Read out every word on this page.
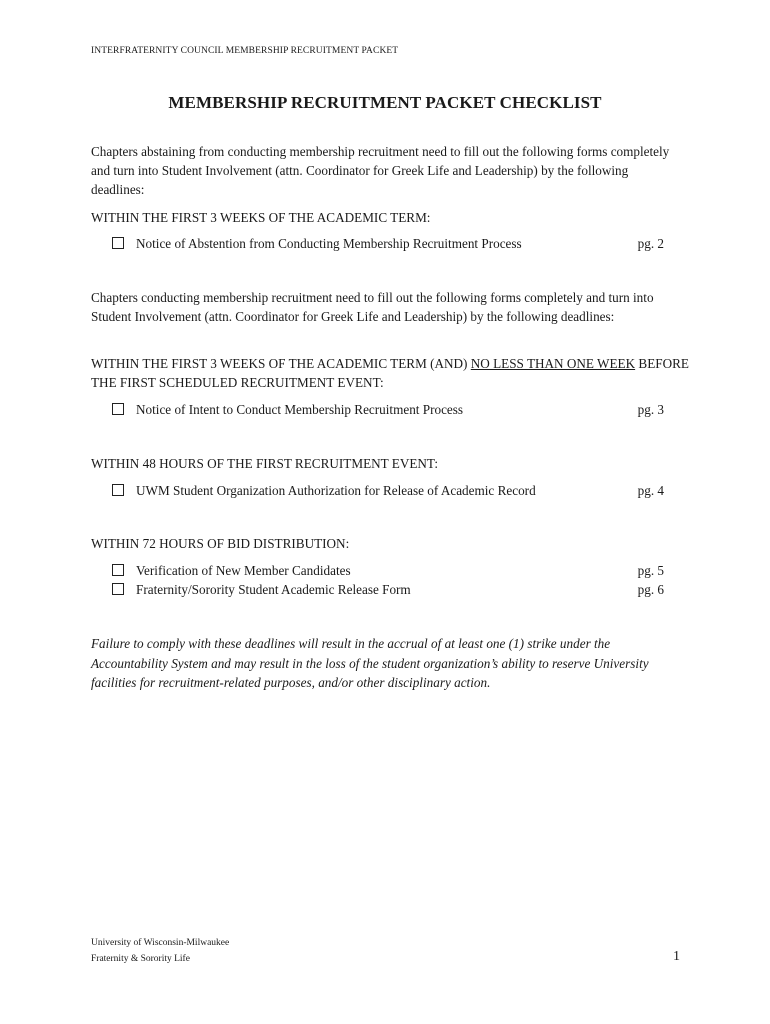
INTERFRATERNITY COUNCIL MEMBERSHIP RECRUITMENT PACKET
MEMBERSHIP RECRUITMENT PACKET CHECKLIST
Chapters abstaining from conducting membership recruitment need to fill out the following forms completely and turn into Student Involvement (attn. Coordinator for Greek Life and Leadership) by the following deadlines:
WITHIN THE FIRST 3 WEEKS OF THE ACADEMIC TERM:
Notice of Abstention from Conducting Membership Recruitment Process	pg. 2
Chapters conducting membership recruitment need to fill out the following forms completely and turn into Student Involvement (attn. Coordinator for Greek Life and Leadership) by the following deadlines:
WITHIN THE FIRST 3 WEEKS OF THE ACADEMIC TERM (AND) NO LESS THAN ONE WEEK BEFORE THE FIRST SCHEDULED RECRUITMENT EVENT:
Notice of Intent to Conduct Membership Recruitment Process	pg. 3
WITHIN 48 HOURS OF THE FIRST RECRUITMENT EVENT:
UWM Student Organization Authorization for Release of Academic Record	pg. 4
WITHIN 72 HOURS OF BID DISTRIBUTION:
Verification of New Member Candidates	pg. 5
Fraternity/Sorority Student Academic Release Form	pg. 6
Failure to comply with these deadlines will result in the accrual of at least one (1) strike under the Accountability System and may result in the loss of the student organization’s ability to reserve University facilities for recruitment-related purposes, and/or other disciplinary action.
University of Wisconsin-Milwaukee
Fraternity & Sorority Life	1
